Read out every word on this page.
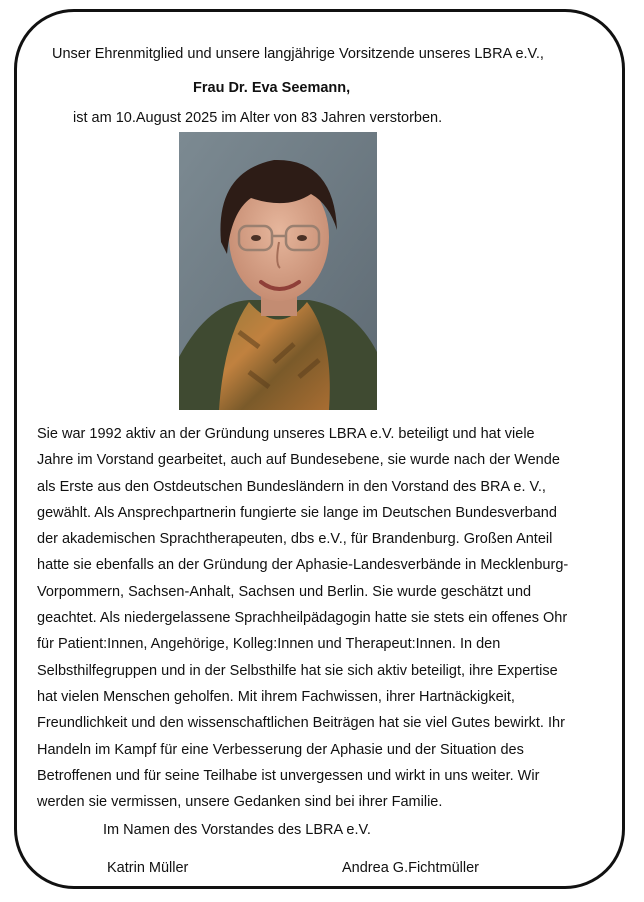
Unser Ehrenmitglied und unsere langjährige Vorsitzende unseres LBRA e.V.,
Frau Dr. Eva Seemann,
ist am 10.August 2025 im Alter von 83 Jahren verstorben.

Sie war 1992 aktiv an der Gründung unseres LBRA e.V. beteiligt und hat viele

Jahre im Vorstand gearbeitet, auch auf Bundesebene, sie wurde nach der Wende

als Erste aus den Ostdeutschen Bundesländern in den Vorstand des BRA e. V.,

gewählt. Als Ansprechpartnerin fungierte sie lange im Deutschen Bundesverband

der akademischen Sprachtherapeuten, dbs e.V., für Brandenburg. Großen Anteil

hatte sie ebenfalls an der Gründung der Aphasie-Landesverbände in Mecklenburg-

Vorpommern, Sachsen-Anhalt, Sachsen und Berlin. Sie wurde geschätzt und

geachtet. Als niedergelassene Sprachheilpädagogin hatte sie stets ein offenes Ohr

für Patient:Innen, Angehörige, Kolleg:Innen und Therapeut:Innen. In den

Selbsthilfegruppen und in der Selbsthilfe hat sie sich aktiv beteiligt, ihre Expertise

hat vielen Menschen geholfen. Mit ihrem Fachwissen, ihrer Hartnäckigkeit,

Freundlichkeit und den wissenschaftlichen Beiträgen hat sie viel Gutes bewirkt. Ihr

Handeln im Kampf für eine Verbesserung der Aphasie und der Situation des

Betroffenen und für seine Teilhabe ist unvergessen und wirkt in uns weiter. Wir

werden sie vermissen, unsere Gedanken sind bei ihrer Familie.

Im Namen des Vorstandes des LBRA e.V.
Katrin Müller	Andrea G.Fichtmüller
